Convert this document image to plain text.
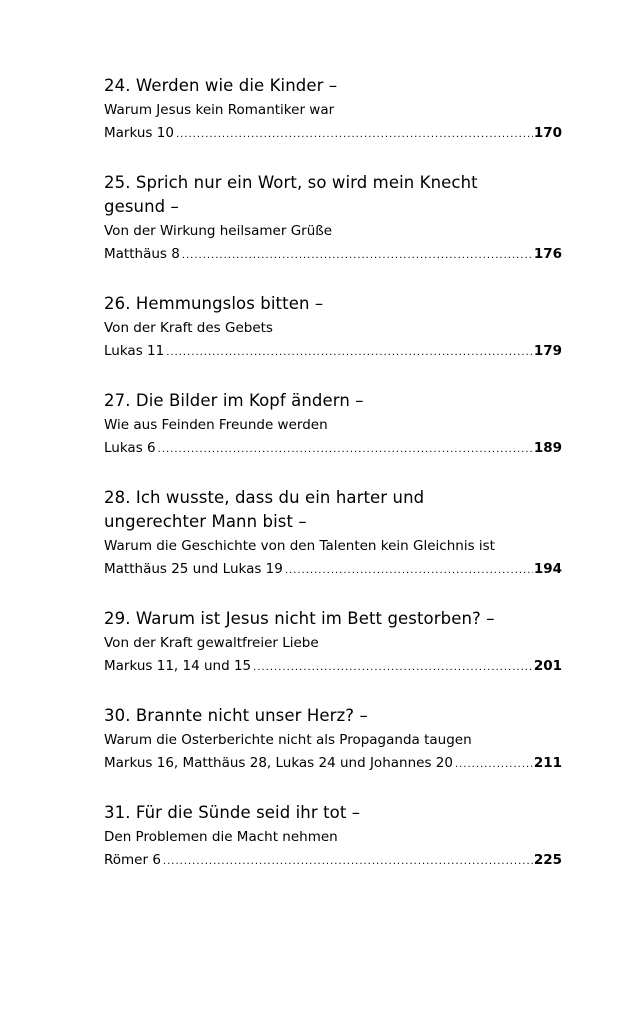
24. Werden wie die Kinder –

Warum Jesus kein Romantiker war
Markus 10 .....	170

25. Sprich nur ein Wort, so wird mein Knecht gesund –

Von der Wirkung heilsamer Grüße
Matthäus 8 .....	176

26. Hemmungslos bitten –

Von der Kraft des Gebets
Lukas 11 .....	179

27. Die Bilder im Kopf ändern –

Wie aus Feinden Freunde werden
Lukas 6 .....	189

28. Ich wusste, dass du ein harter und ungerechter Mann bist –

Warum die Geschichte von den Talenten kein Gleichnis ist
Matthäus 25 und Lukas 19 .....	194

29. Warum ist Jesus nicht im Bett gestorben? –

Von der Kraft gewaltfreier Liebe
Markus 11, 14 und 15 .....	201

30. Brannte nicht unser Herz? –

Warum die Osterberichte nicht als Propaganda taugen
Markus 16, Matthäus 28, Lukas 24 und Johannes 20 .....	211

31. Für die Sünde seid ihr tot –

Den Problemen die Macht nehmen
Römer 6 .....	225
